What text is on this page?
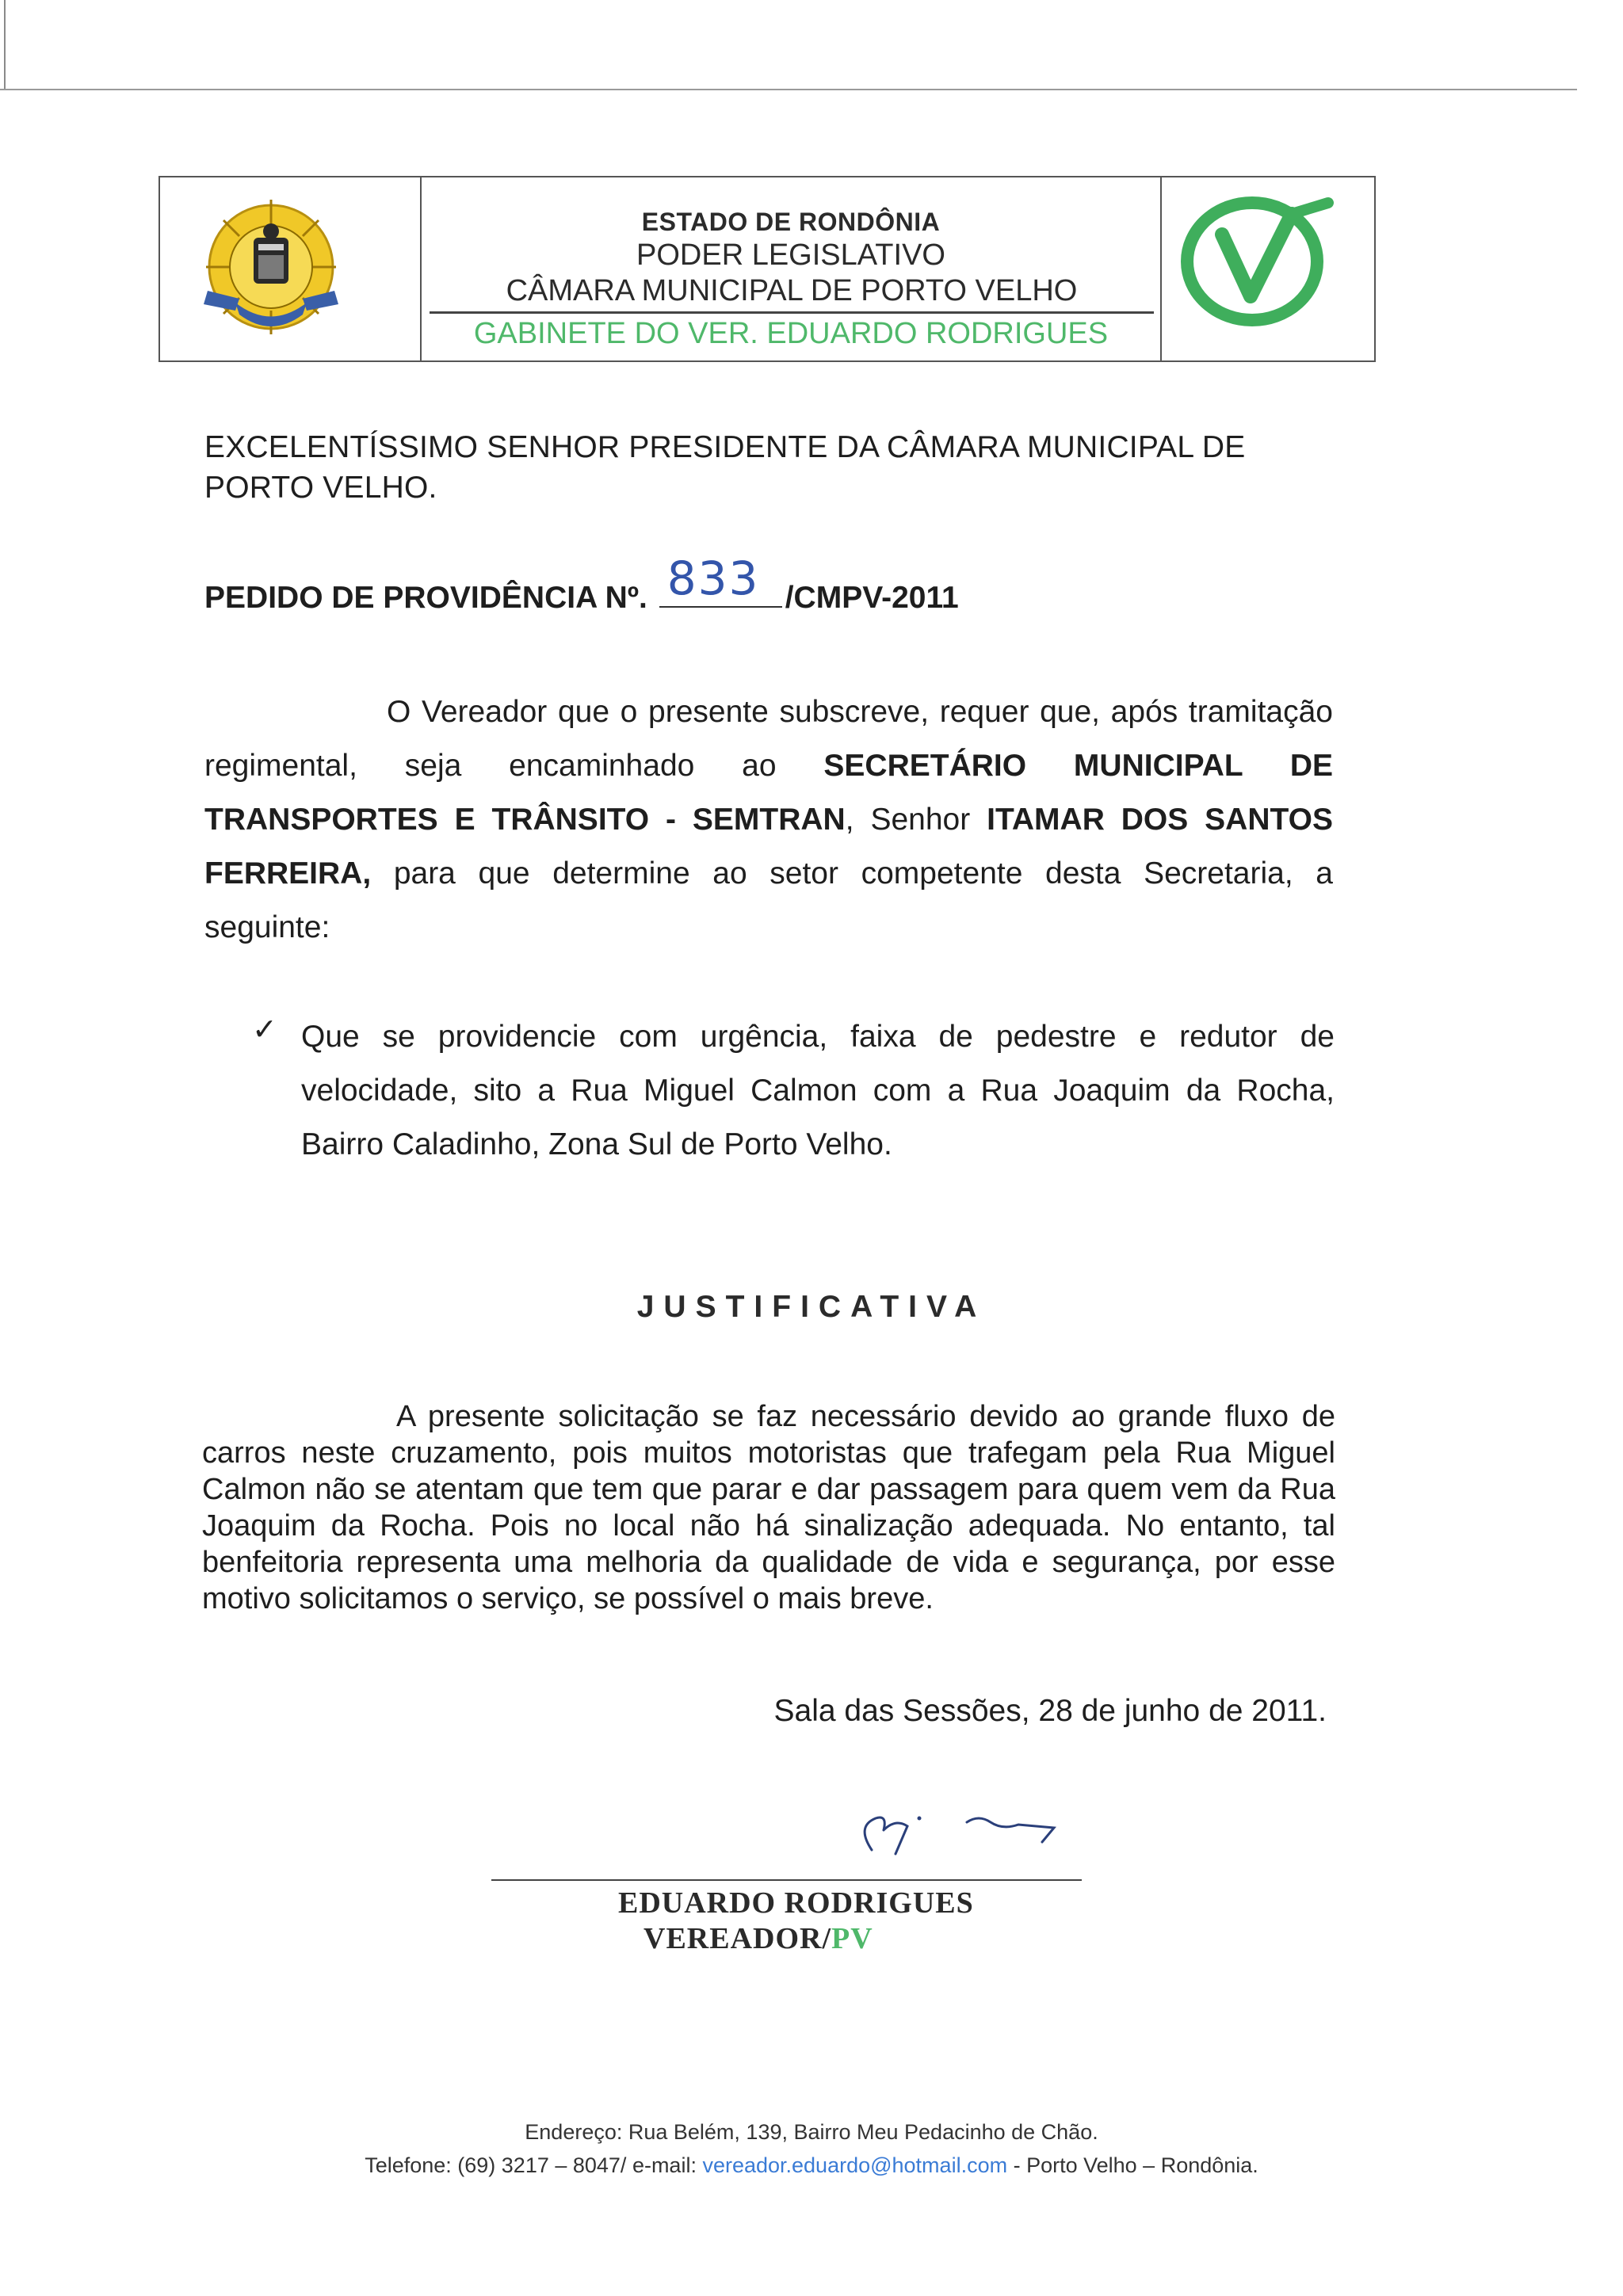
ESTADO DE RONDÔNIA
PODER LEGISLATIVO
CÂMARA MUNICIPAL DE PORTO VELHO
GABINETE DO VER. EDUARDO RODRIGUES
EXCELENTÍSSIMO SENHOR PRESIDENTE DA CÂMARA MUNICIPAL DE PORTO VELHO.
PEDIDO DE PROVIDÊNCIA Nº. 833 /CMPV-2011
O Vereador que o presente subscreve, requer que, após tramitação regimental, seja encaminhado ao SECRETÁRIO MUNICIPAL DE TRANSPORTES E TRÂNSITO - SEMTRAN, Senhor ITAMAR DOS SANTOS FERREIRA, para que determine ao setor competente desta Secretaria, a seguinte:
✓ Que se providencie com urgência, faixa de pedestre e redutor de velocidade, sito a Rua Miguel Calmon com a Rua Joaquim da Rocha, Bairro Caladinho, Zona Sul de Porto Velho.
JUSTIFICATIVA
A presente solicitação se faz necessário devido ao grande fluxo de carros neste cruzamento, pois muitos motoristas que trafegam pela Rua Miguel Calmon não se atentam que tem que parar e dar passagem para quem vem da Rua Joaquim da Rocha. Pois no local não há sinalização adequada. No entanto, tal benfeitoria representa uma melhoria da qualidade de vida e segurança, por esse motivo solicitamos o serviço, se possível o mais breve.
Sala das Sessões, 28 de junho de 2011.
EDUARDO RODRIGUES
VEREADOR/PV
Endereço: Rua Belém, 139, Bairro Meu Pedacinho de Chão.
Telefone: (69) 3217 – 8047/ e-mail: vereador.eduardo@hotmail.com - Porto Velho – Rondônia.
